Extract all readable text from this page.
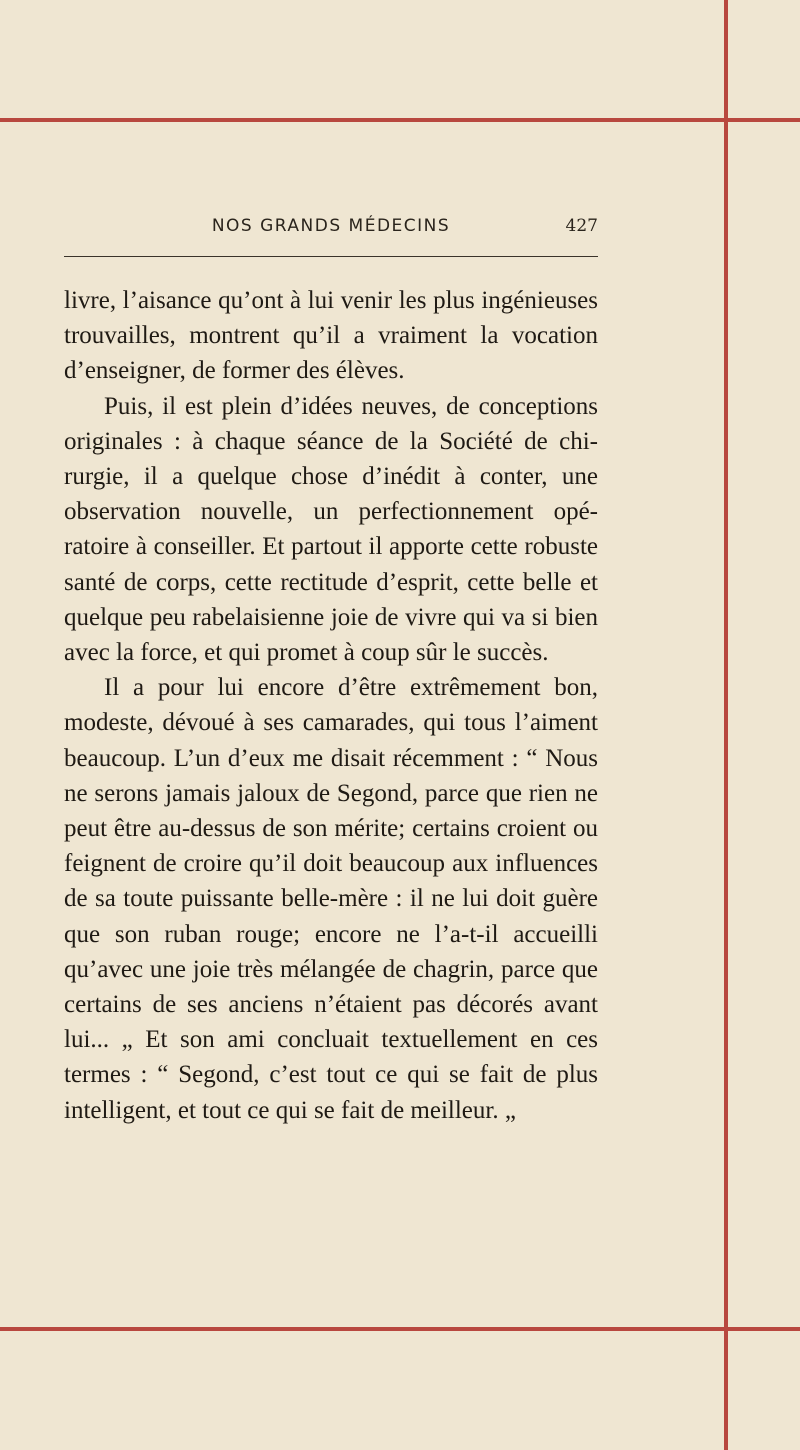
NOS GRANDS MÉDECINS	427

livre, l’aisance qu’ont à lui venir les plus ingénieuses trouvailles, montrent qu’il a vraiment la vocation d’enseigner, de former des élèves.

Puis, il est plein d’idées neuves, de conceptions originales : à chaque séance de la Société de chirurgie, il a quelque chose d’inédit à conter, une observation nouvelle, un perfectionnement opératoire à conseiller. Et partout il apporte cette robuste santé de corps, cette rectitude d’esprit, cette belle et quelque peu rabelaisienne joie de vivre qui va si bien avec la force, et qui promet à coup sûr le succès.

Il a pour lui encore d’être extrêmement bon, modeste, dévoué à ses camarades, qui tous l’aiment beaucoup. L’un d’eux me disait récemment : “ Nous ne serons jamais jaloux de Segond, parce que rien ne peut être au-dessus de son mérite; certains croient ou feignent de croire qu’il doit beaucoup aux influences de sa toute puissante belle-mère : il ne lui doit guère que son ruban rouge; encore ne l’a-t-il accueilli qu’avec une joie très mélangée de chagrin, parce que certains de ses anciens n’étaient pas décorés avant lui... „ Et son ami concluait textuellement en ces termes : “ Segond, c’est tout ce qui se fait de plus intelligent, et tout ce qui se fait de meilleur. „
